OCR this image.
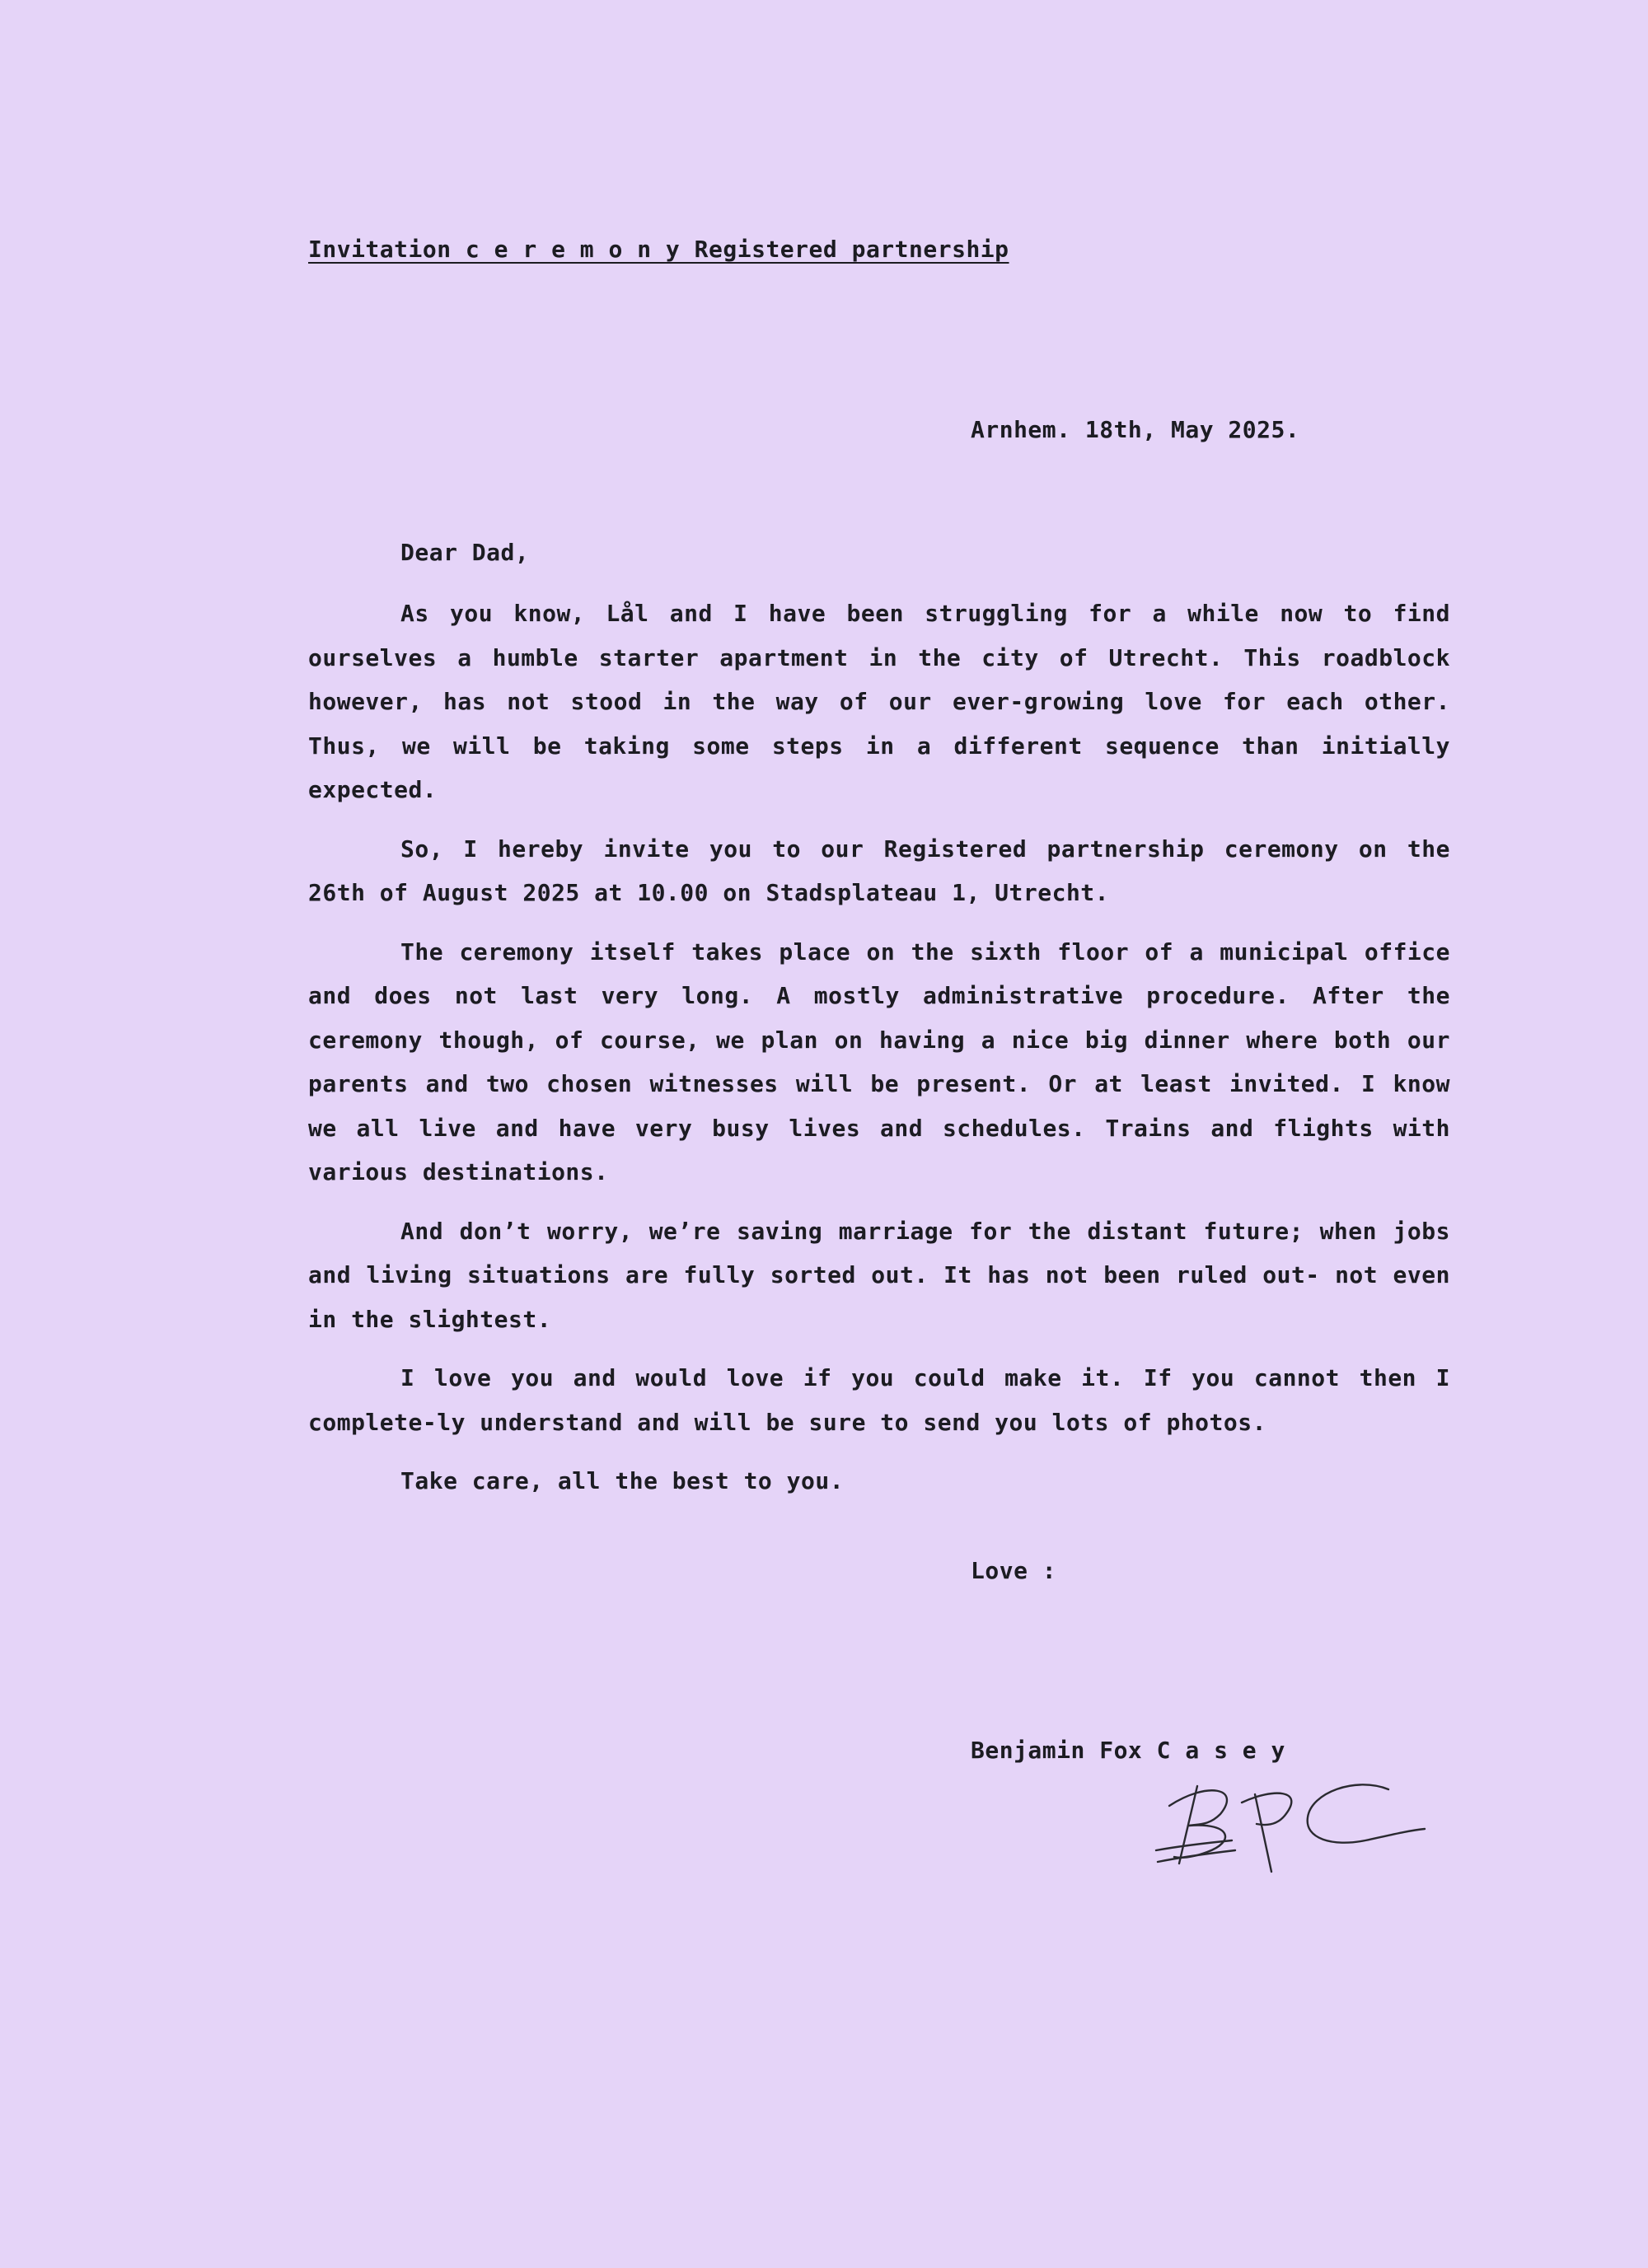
Invitation c e r e m o n y Registered partnership
Arnhem. 18th, May 2025.
Dear Dad,

As you know, Lål and I have been struggling for a while now to find ourselves a humble starter apartment in the city of Utrecht. This roadblock however, has not stood in the way of our ever-growing love for each other. Thus, we will be taking some steps in a different sequence than initially expected.

So, I hereby invite you to our Registered partnership ceremony on the 26th of August 2025 at 10.00 on Stadsplateau 1, Utrecht.

The ceremony itself takes place on the sixth floor of a municipal office and does not last very long. A mostly administrative procedure. After the ceremony though, of course, we plan on having a nice big dinner where both our parents and two chosen witnesses will be present. Or at least invited. I know we all live and have very busy lives and schedules. Trains and flights with various destinations.

And don’t worry, we’re saving marriage for the distant future; when jobs and living situations are fully sorted out. It has not been ruled out- not even in the slightest.

I love you and would love if you could make it. If you cannot then I complete-ly understand and will be sure to send you lots of photos.

Take care, all the best to you.

Love :
Benjamin Fox C a s e y
